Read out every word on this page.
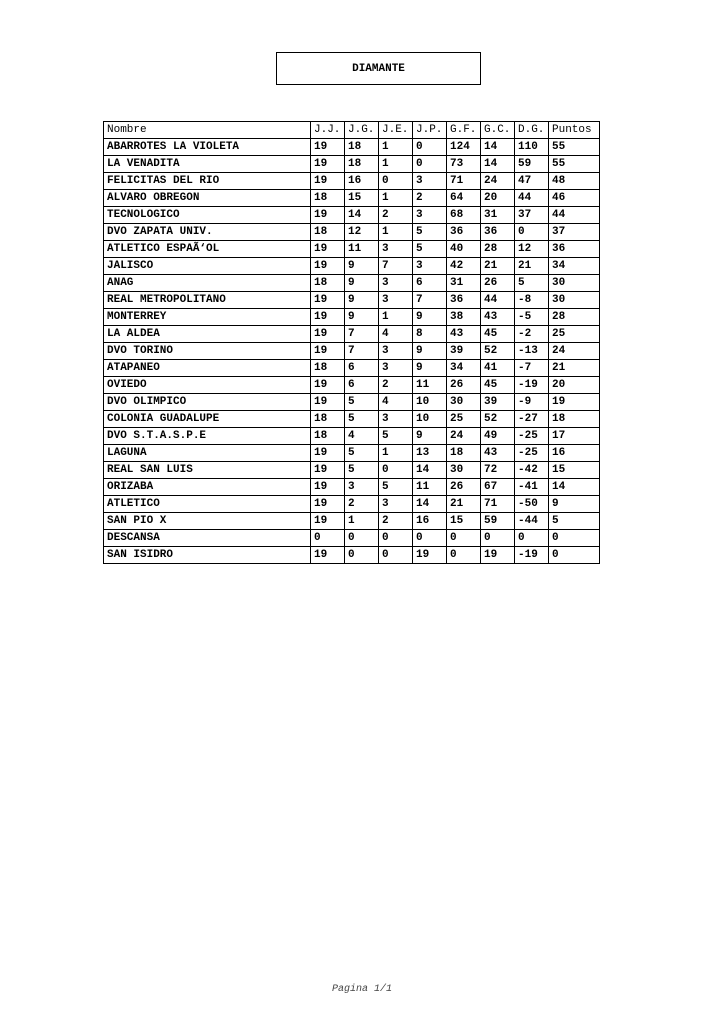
DIAMANTE
Nombre	J.J.	J.G.	J.E.	J.P.	G.F.	G.C.	D.G.	Puntos
ABARROTES LA VIOLETA	19	18	1	0	124	14	110	55
LA VENADITA	19	18	1	0	73	14	59	55
FELICITAS DEL RIO	19	16	0	3	71	24	47	48
ALVARO OBREGON	18	15	1	2	64	20	44	46
TECNOLOGICO	19	14	2	3	68	31	37	44
DVO ZAPATA UNIV.	18	12	1	5	36	36	0	37
ATLETICO ESPAÃ‘OL	19	11	3	5	40	28	12	36
JALISCO	19	9	7	3	42	21	21	34
ANAG	18	9	3	6	31	26	5	30
REAL METROPOLITANO	19	9	3	7	36	44	-8	30
MONTERREY	19	9	1	9	38	43	-5	28
LA ALDEA	19	7	4	8	43	45	-2	25
DVO TORINO	19	7	3	9	39	52	-13	24
ATAPANEO	18	6	3	9	34	41	-7	21
OVIEDO	19	6	2	11	26	45	-19	20
DVO OLIMPICO	19	5	4	10	30	39	-9	19
COLONIA GUADALUPE	18	5	3	10	25	52	-27	18
DVO S.T.A.S.P.E	18	4	5	9	24	49	-25	17
LAGUNA	19	5	1	13	18	43	-25	16
REAL SAN LUIS	19	5	0	14	30	72	-42	15
ORIZABA	19	3	5	11	26	67	-41	14
ATLETICO	19	2	3	14	21	71	-50	9
SAN PIO X	19	1	2	16	15	59	-44	5
DESCANSA	0	0	0	0	0	0	0	0
SAN ISIDRO	19	0	0	19	0	19	-19	0
Pagina 1/1
